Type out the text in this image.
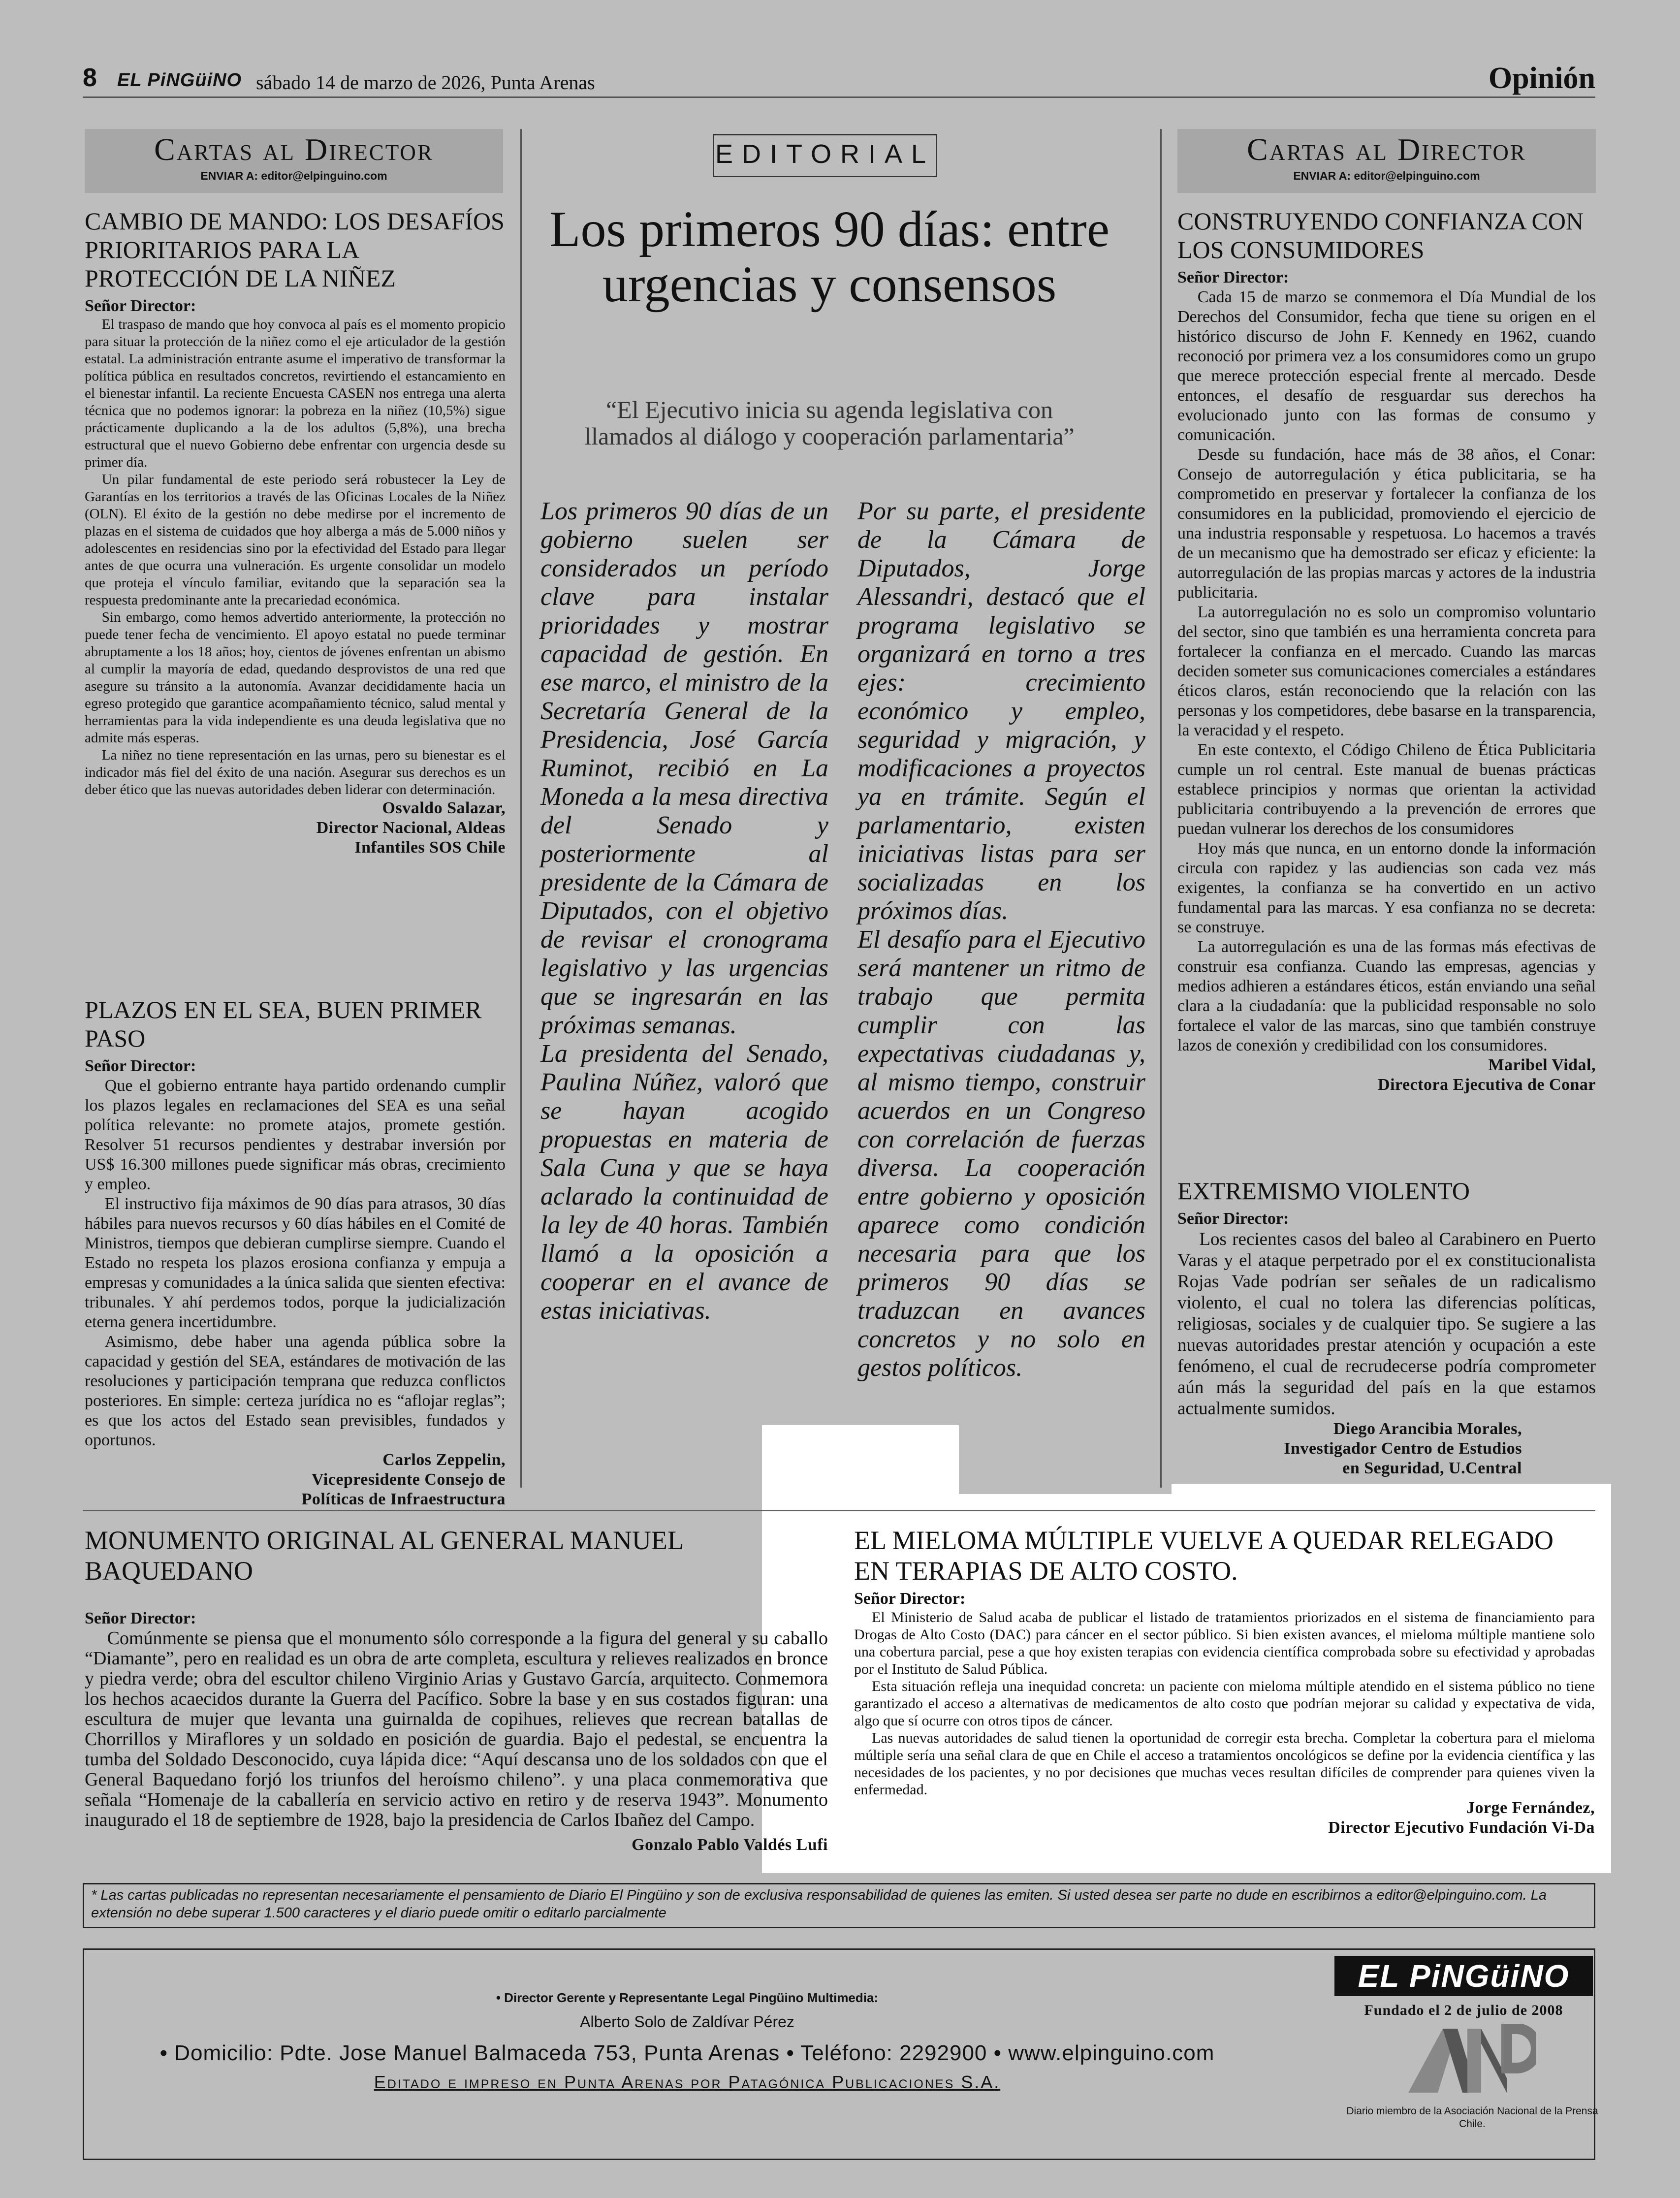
8 EL PiNGüiNO sábado 14 de marzo de 2026, Punta Arenas	Opinión
Cartas al Director
ENVIAR A: editor@elpinguino.com
CAMBIO DE MANDO: LOS DESAFÍOS PRIORITARIOS PARA LA PROTECCIÓN DE LA NIÑEZ
Señor Director:

El traspaso de mando que hoy convoca al país es el momento propicio para situar la protección de la niñez como el eje articulador de la gestión estatal. La administración entrante asume el imperativo de transformar la política pública en resultados concretos, revirtiendo el estancamiento en el bienestar infantil. La reciente Encuesta CASEN nos entrega una alerta técnica que no podemos ignorar: la pobreza en la niñez (10,5%) sigue prácticamente duplicando a la de los adultos (5,8%), una brecha estructural que el nuevo Gobierno debe enfrentar con urgencia desde su primer día.

Un pilar fundamental de este periodo será robustecer la Ley de Garantías en los territorios a través de las Oficinas Locales de la Niñez (OLN). El éxito de la gestión no debe medirse por el incremento de plazas en el sistema de cuidados que hoy alberga a más de 5.000 niños y adolescentes en residencias sino por la efectividad del Estado para llegar antes de que ocurra una vulneración. Es urgente consolidar un modelo que proteja el vínculo familiar, evitando que la separación sea la respuesta predominante ante la precariedad económica.

Sin embargo, como hemos advertido anteriormente, la protección no puede tener fecha de vencimiento. El apoyo estatal no puede terminar abruptamente a los 18 años; hoy, cientos de jóvenes enfrentan un abismo al cumplir la mayoría de edad, quedando desprovistos de una red que asegure su tránsito a la autonomía. Avanzar decididamente hacia un egreso protegido que garantice acompañamiento técnico, salud mental y herramientas para la vida independiente es una deuda legislativa que no admite más esperas.

La niñez no tiene representación en las urnas, pero su bienestar es el indicador más fiel del éxito de una nación. Asegurar sus derechos es un deber ético que las nuevas autoridades deben liderar con determinación.

Osvaldo Salazar,
Director Nacional, Aldeas
Infantiles SOS Chile
PLAZOS EN EL SEA, BUEN PRIMER PASO
Señor Director:

Que el gobierno entrante haya partido ordenando cumplir los plazos legales en reclamaciones del SEA es una señal política relevante: no promete atajos, promete gestión. Resolver 51 recursos pendientes y destrabar inversión por US$ 16.300 millones puede significar más obras, crecimiento y empleo.

El instructivo fija máximos de 90 días para atrasos, 30 días hábiles para nuevos recursos y 60 días hábiles en el Comité de Ministros, tiempos que debieran cumplirse siempre. Cuando el Estado no respeta los plazos erosiona confianza y empuja a empresas y comunidades a la única salida que sienten efectiva: tribunales. Y ahí perdemos todos, porque la judicialización eterna genera incertidumbre.

Asimismo, debe haber una agenda pública sobre la capacidad y gestión del SEA, estándares de motivación de las resoluciones y participación temprana que reduzca conflictos posteriores. En simple: certeza jurídica no es “aflojar reglas”; es que los actos del Estado sean previsibles, fundados y oportunos.

Carlos Zeppelin,
Vicepresidente Consejo de
Políticas de Infraestructura
EDITORIAL
Los primeros 90 días: entre urgencias y consensos
“El Ejecutivo inicia su agenda legislativa con llamados al diálogo y cooperación parlamentaria”
Los primeros 90 días de un gobierno suelen ser considerados un período clave para instalar prioridades y mostrar capacidad de gestión. En ese marco, el ministro de la Secretaría General de la Presidencia, José García Ruminot, recibió en La Moneda a la mesa directiva del Senado y posteriormente al presidente de la Cámara de Diputados, con el objetivo de revisar el cronograma legislativo y las urgencias que se ingresarán en las próximas semanas.
La presidenta del Senado, Paulina Núñez, valoró que se hayan acogido propuestas en materia de Sala Cuna y que se haya aclarado la continuidad de la ley de 40 horas. También llamó a la oposición a cooperar en el avance de estas iniciativas.
Por su parte, el presidente de la Cámara de Diputados, Jorge Alessandri, destacó que el programa legislativo se organizará en torno a tres ejes: crecimiento económico y empleo, seguridad y migración, y modificaciones a proyectos ya en trámite. Según el parlamentario, existen iniciativas listas para ser socializadas en los próximos días.
El desafío para el Ejecutivo será mantener un ritmo de trabajo que permita cumplir con las expectativas ciudadanas y, al mismo tiempo, construir acuerdos en un Congreso con correlación de fuerzas diversa. La cooperación entre gobierno y oposición aparece como condición necesaria para que los primeros 90 días se traduzcan en avances concretos y no solo en gestos políticos.
Cartas al Director
ENVIAR A: editor@elpinguino.com
CONSTRUYENDO CONFIANZA CON LOS CONSUMIDORES
Señor Director:

Cada 15 de marzo se conmemora el Día Mundial de los Derechos del Consumidor, fecha que tiene su origen en el histórico discurso de John F. Kennedy en 1962, cuando reconoció por primera vez a los consumidores como un grupo que merece protección especial frente al mercado. Desde entonces, el desafío de resguardar sus derechos ha evolucionado junto con las formas de consumo y comunicación.

Desde su fundación, hace más de 38 años, el Conar: Consejo de autorregulación y ética publicitaria, se ha comprometido en preservar y fortalecer la confianza de los consumidores en la publicidad, promoviendo el ejercicio de una industria responsable y respetuosa. Lo hacemos a través de un mecanismo que ha demostrado ser eficaz y eficiente: la autorregulación de las propias marcas y actores de la industria publicitaria.

La autorregulación no es solo un compromiso voluntario del sector, sino que también es una herramienta concreta para fortalecer la confianza en el mercado. Cuando las marcas deciden someter sus comunicaciones comerciales a estándares éticos claros, están reconociendo que la relación con las personas y los competidores, debe basarse en la transparencia, la veracidad y el respeto.

En este contexto, el Código Chileno de Ética Publicitaria cumple un rol central. Este manual de buenas prácticas establece principios y normas que orientan la actividad publicitaria contribuyendo a la prevención de errores que puedan vulnerar los derechos de los consumidores

Hoy más que nunca, en un entorno donde la información circula con rapidez y las audiencias son cada vez más exigentes, la confianza se ha convertido en un activo fundamental para las marcas. Y esa confianza no se decreta: se construye.

La autorregulación es una de las formas más efectivas de construir esa confianza. Cuando las empresas, agencias y medios adhieren a estándares éticos, están enviando una señal clara a la ciudadanía: que la publicidad responsable no solo fortalece el valor de las marcas, sino que también construye lazos de conexión y credibilidad con los consumidores.

Maribel Vidal,
Directora Ejecutiva de Conar
EXTREMISMO VIOLENTO
Señor Director:

Los recientes casos del baleo al Carabinero en Puerto Varas y el ataque perpetrado por el ex constitucionalista Rojas Vade podrían ser señales de un radicalismo violento, el cual no tolera las diferencias políticas, religiosas, sociales y de cualquier tipo. Se sugiere a las nuevas autoridades prestar atención y ocupación a este fenómeno, el cual de recrudecerse podría comprometer aún más la seguridad del país en la que estamos actualmente sumidos.

Diego Arancibia Morales,
Investigador Centro de Estudios
en Seguridad, U.Central
MONUMENTO ORIGINAL AL GENERAL MANUEL BAQUEDANO
Señor Director:

Comúnmente se piensa que el monumento sólo corresponde a la figura del general y su caballo “Diamante”, pero en realidad es un obra de arte completa, escultura y relieves realizados en bronce y piedra verde; obra del escultor chileno Virginio Arias y Gustavo García, arquitecto. Conmemora los hechos acaecidos durante la Guerra del Pacífico. Sobre la base y en sus costados figuran: una escultura de mujer que levanta una guirnalda de copihues, relieves que recrean batallas de Chorrillos y Miraflores y un soldado en posición de guardia. Bajo el pedestal, se encuentra la tumba del Soldado Desconocido, cuya lápida dice: “Aquí descansa uno de los soldados con que el General Baquedano forjó los triunfos del heroísmo chileno”. y una placa conmemorativa que señala “Homenaje de la caballería en servicio activo en retiro y de reserva 1943”. Monumento inaugurado el 18 de septiembre de 1928, bajo la presidencia de Carlos Ibañez del Campo.

Gonzalo Pablo Valdés Lufi
EL MIELOMA MÚLTIPLE VUELVE A QUEDAR RELEGADO EN TERAPIAS DE ALTO COSTO.
Señor Director:

El Ministerio de Salud acaba de publicar el listado de tratamientos priorizados en el sistema de financiamiento para Drogas de Alto Costo (DAC) para cáncer en el sector público. Si bien existen avances, el mieloma múltiple mantiene solo una cobertura parcial, pese a que hoy existen terapias con evidencia científica comprobada sobre su efectividad y aprobadas por el Instituto de Salud Pública.

Esta situación refleja una inequidad concreta: un paciente con mieloma múltiple atendido en el sistema público no tiene garantizado el acceso a alternativas de medicamentos de alto costo que podrían mejorar su calidad y expectativa de vida, algo que sí ocurre con otros tipos de cáncer.

Las nuevas autoridades de salud tienen la oportunidad de corregir esta brecha. Completar la cobertura para el mieloma múltiple sería una señal clara de que en Chile el acceso a tratamientos oncológicos se define por la evidencia científica y las necesidades de los pacientes, y no por decisiones que muchas veces resultan difíciles de comprender para quienes viven la enfermedad.

Jorge Fernández,
Director Ejecutivo Fundación Vi-Da
* Las cartas publicadas no representan necesariamente el pensamiento de Diario El Pingüino y son de exclusiva responsabilidad de quienes las emiten. Si usted desea ser parte no dude en escribirnos a editor@elpinguino.com. La extensión no debe superar 1.500 caracteres y el diario puede omitir o editarlo parcialmente
• Director Gerente y Representante Legal Pingüino Multimedia:
Alberto Solo de Zaldívar Pérez
• Domicilio: Pdte. Jose Manuel Balmaceda 753, Punta Arenas • Teléfono: 2292900 • www.elpinguino.com
Editado e impreso en Punta Arenas por Patagónica Publicaciones S.A.
EL PiNGüiNO
Fundado el 2 de julio de 2008
Diario miembro de la Asociación Nacional de la Prensa Chile.
